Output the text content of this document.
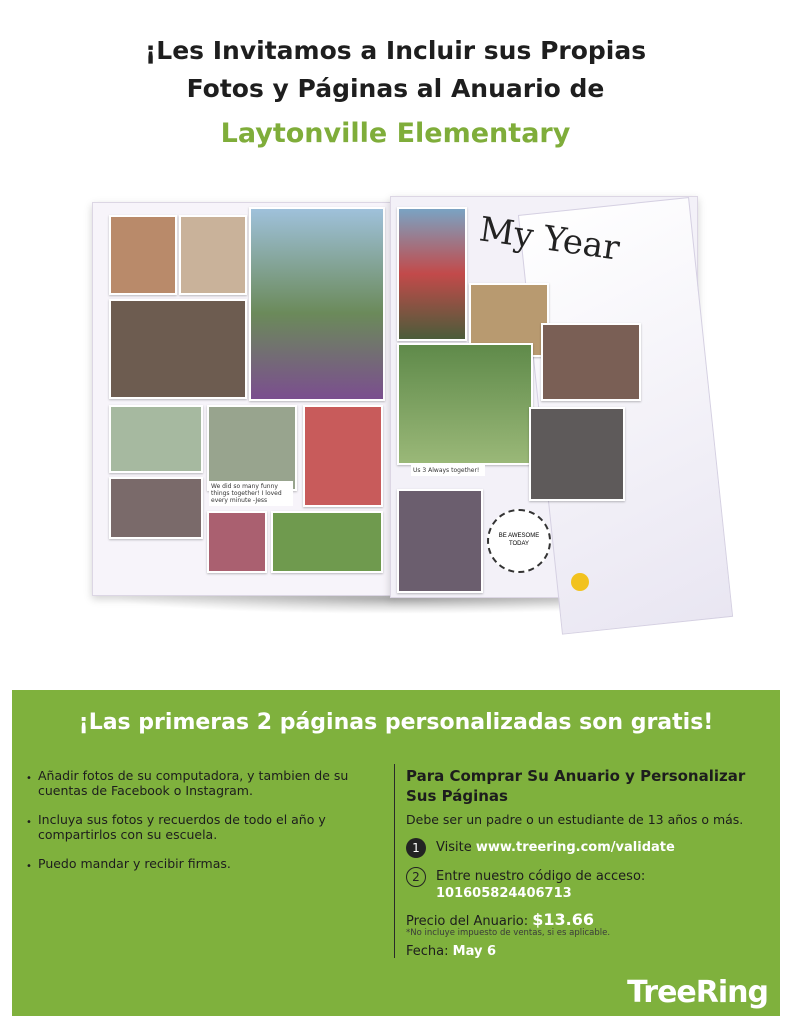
¡Les Invitamos a Incluir sus Propias
Fotos y Páginas al Anuario de
Laytonville Elementary
We did so many funny things together! I loved every minute -Jess
My Year
Us 3 Always together!
BE AWESOME TODAY
¡Las primeras 2 páginas personalizadas son gratis!
• Añadir fotos de su computadora, y tambien de su cuentas de Facebook o Instagram.
• Incluya sus fotos y recuerdos de todo el año y compartirlos con su escuela.
• Puedo mandar y recibir firmas.
Para Comprar Su Anuario y Personalizar Sus Páginas
Debe ser un padre o un estudiante de 13 años o más.
1	Visite www.treering.com/validate
2	Entre nuestro código de acceso:
101605824406713
Precio del Anuario: $13.66
*No incluye impuesto de ventas, si es aplicable.
Fecha: May 6
TreeRing
